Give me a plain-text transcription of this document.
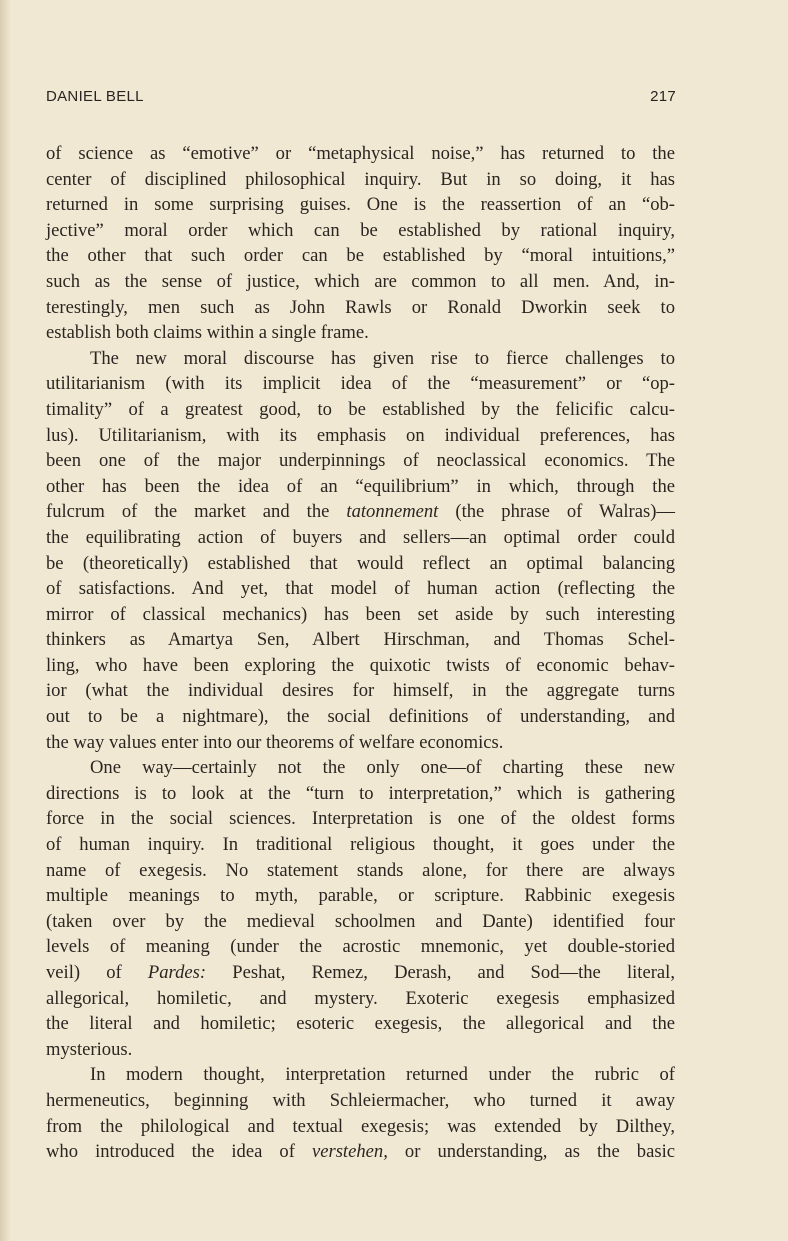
DANIEL BELL	217
of science as “emotive” or “metaphysical noise,” has returned to the
center of disciplined philosophical inquiry. But in so doing, it has
returned in some surprising guises. One is the reassertion of an “ob-
jective” moral order which can be established by rational inquiry,
the other that such order can be established by “moral intuitions,”
such as the sense of justice, which are common to all men. And, in-
terestingly, men such as John Rawls or Ronald Dworkin seek to
establish both claims within a single frame.
The new moral discourse has given rise to fierce challenges to
utilitarianism (with its implicit idea of the “measurement” or “op-
timality” of a greatest good, to be established by the felicific calcu-
lus). Utilitarianism, with its emphasis on individual preferences, has
been one of the major underpinnings of neoclassical economics. The
other has been the idea of an “equilibrium” in which, through the
fulcrum of the market and the tatonnement (the phrase of Walras)—
the equilibrating action of buyers and sellers—an optimal order could
be (theoretically) established that would reflect an optimal balancing
of satisfactions. And yet, that model of human action (reflecting the
mirror of classical mechanics) has been set aside by such interesting
thinkers as Amartya Sen, Albert Hirschman, and Thomas Schel-
ling, who have been exploring the quixotic twists of economic behav-
ior (what the individual desires for himself, in the aggregate turns
out to be a nightmare), the social definitions of understanding, and
the way values enter into our theorems of welfare economics.
One way—certainly not the only one—of charting these new
directions is to look at the “turn to interpretation,” which is gathering
force in the social sciences. Interpretation is one of the oldest forms
of human inquiry. In traditional religious thought, it goes under the
name of exegesis. No statement stands alone, for there are always
multiple meanings to myth, parable, or scripture. Rabbinic exegesis
(taken over by the medieval schoolmen and Dante) identified four
levels of meaning (under the acrostic mnemonic, yet double-storied
veil) of Pardes: Peshat, Remez, Derash, and Sod—the literal,
allegorical, homiletic, and mystery. Exoteric exegesis emphasized
the literal and homiletic; esoteric exegesis, the allegorical and the
mysterious.
In modern thought, interpretation returned under the rubric of
hermeneutics, beginning with Schleiermacher, who turned it away
from the philological and textual exegesis; was extended by Dilthey,
who introduced the idea of verstehen, or understanding, as the basic
